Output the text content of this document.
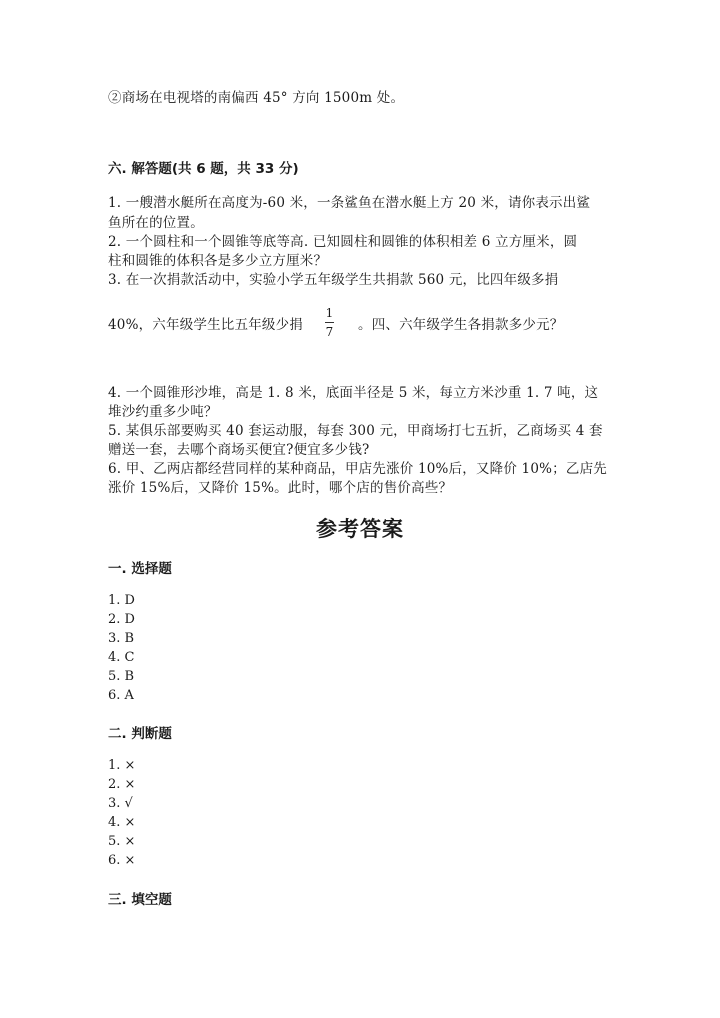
②商场在电视塔的南偏西 45° 方向 1500m 处。
六. 解答题(共 6 题，共 33 分)
1. 一艘潜水艇所在高度为-60 米，一条鲨鱼在潜水艇上方 20 米，请你表示出鲨
鱼所在的位置。
2. 一个圆柱和一个圆锥等底等高. 已知圆柱和圆锥的体积相差 6 立方厘米，圆
柱和圆锥的体积各是多少立方厘米？
3. 在一次捐款活动中，实验小学五年级学生共捐款 560 元，比四年级多捐
40%，六年级学生比五年级少捐
1
7 。四、六年级学生各捐款多少元？
4. 一个圆锥形沙堆，高是 1. 8 米，底面半径是 5 米，每立方米沙重 1. 7 吨，这
堆沙约重多少吨？
5. 某俱乐部要购买 40 套运动服，每套 300 元，甲商场打七五折，乙商场买 4 套
赠送一套，去哪个商场买便宜?便宜多少钱?
6. 甲、乙两店都经营同样的某种商品，甲店先涨价 10%后，又降价 10%；乙店先
涨价 15%后，又降价 15%。此时，哪个店的售价高些？
参考答案
一. 选择题
1. D
2. D
3. B
4. C
5. B
6. A
二. 判断题
1. ×
2. ×
3. √
4. ×
5. ×
6. ×
三. 填空题
